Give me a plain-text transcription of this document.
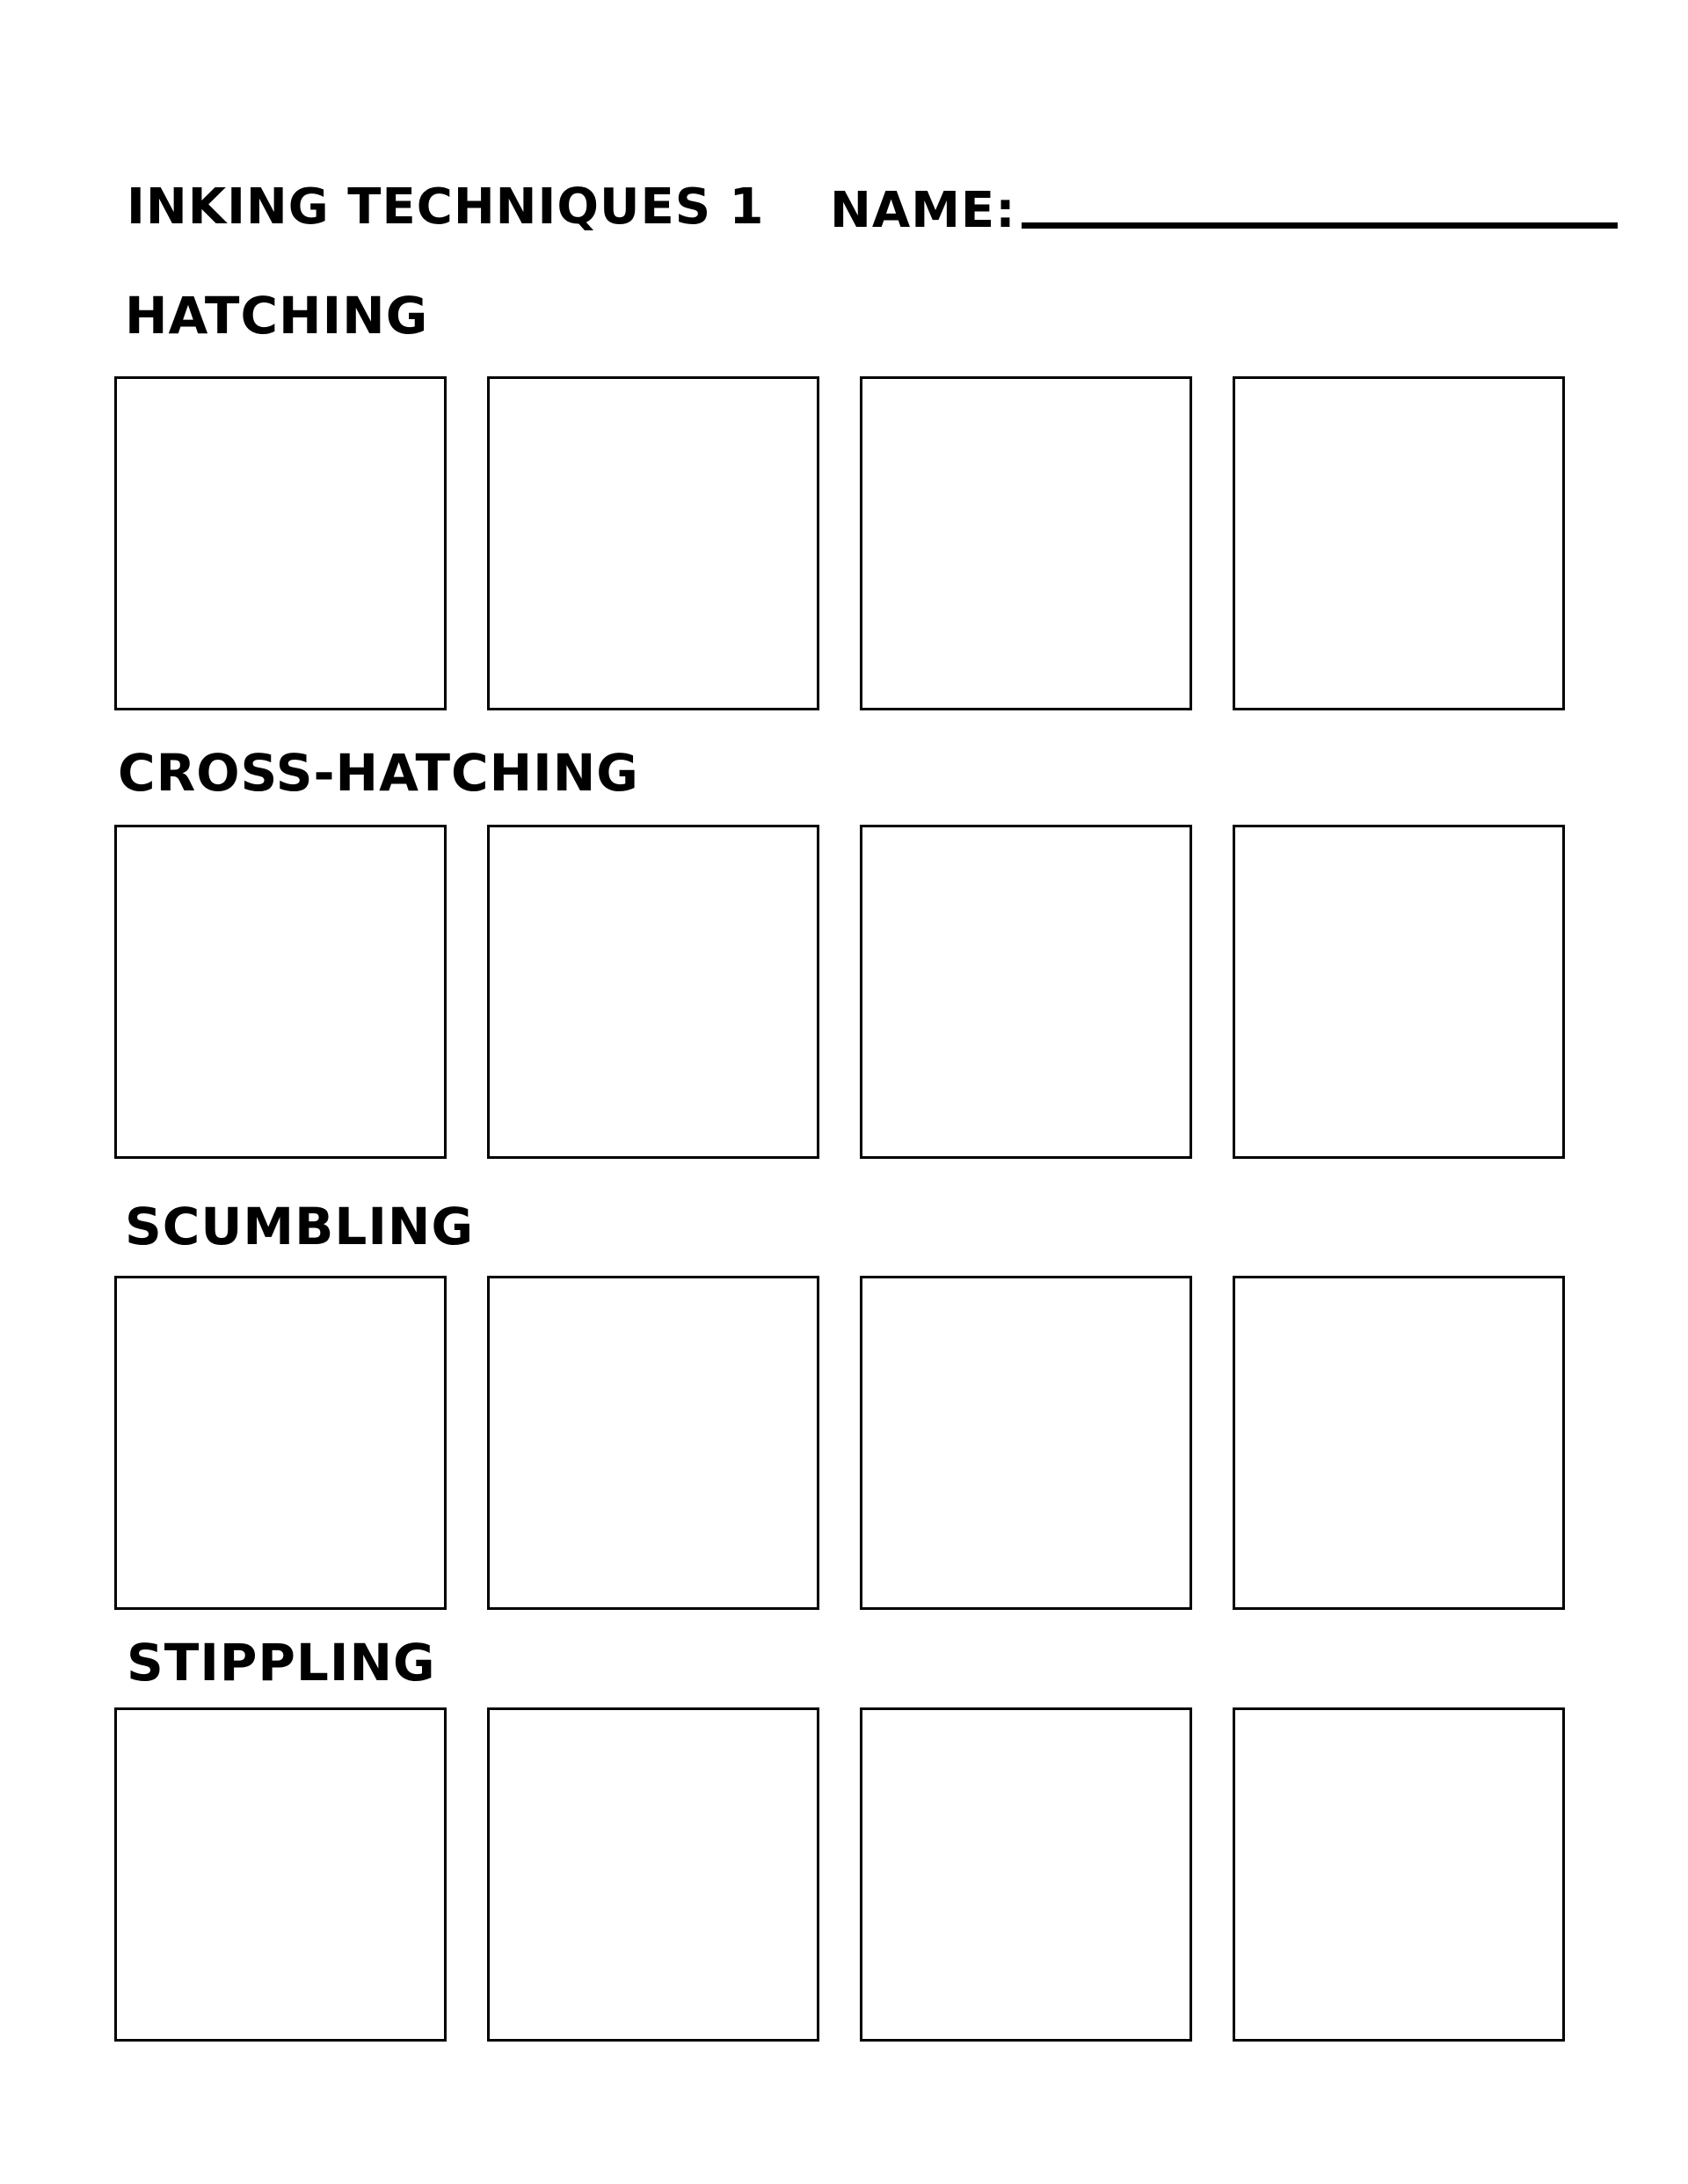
INKING TECHNIQUES 1 NAME:
HATCHING
CROSS-HATCHING
SCUMBLING
STIPPLING
